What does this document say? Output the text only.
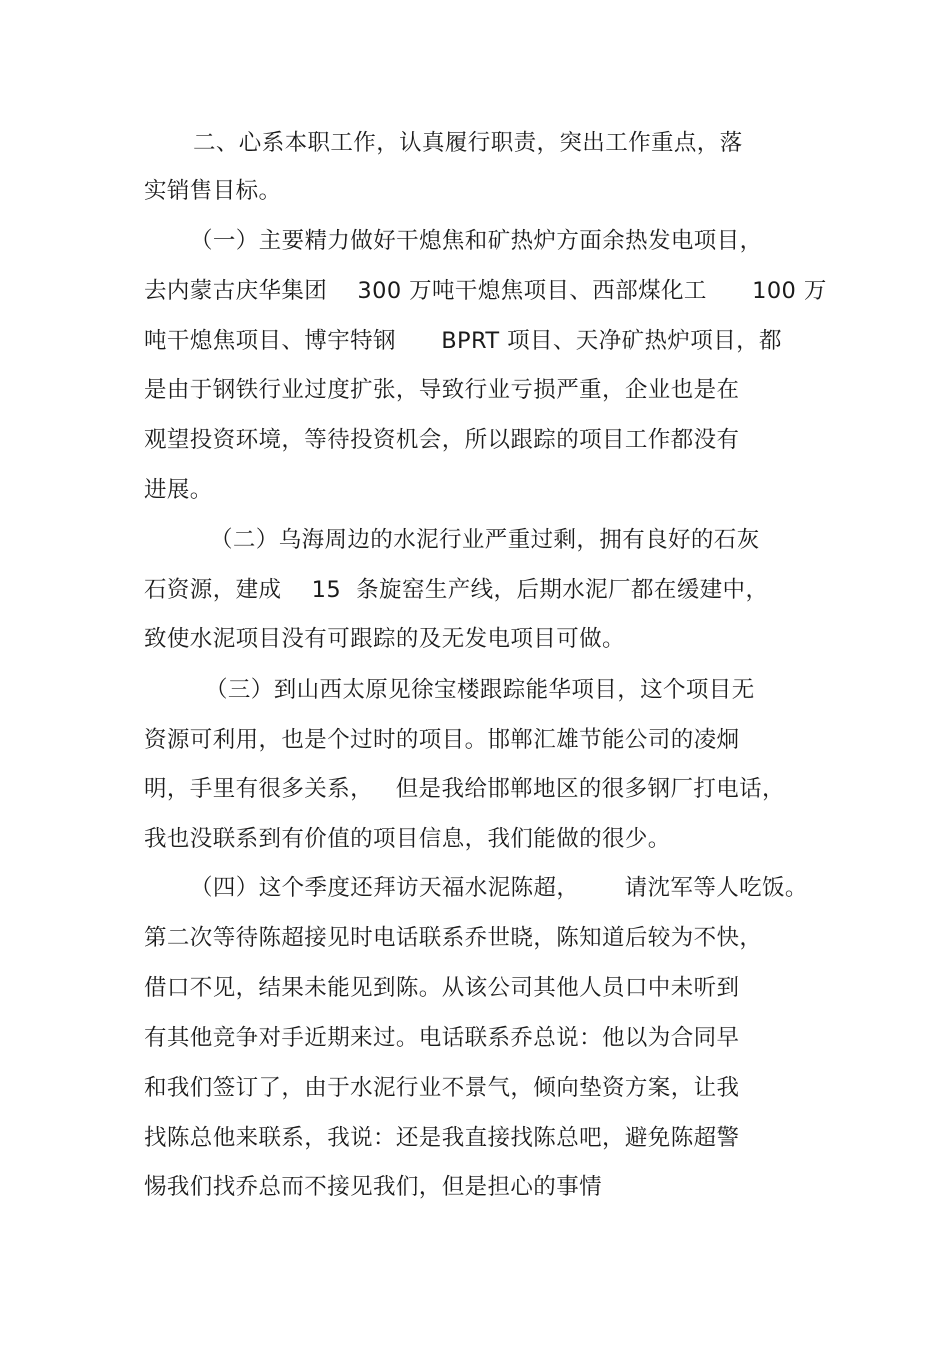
二、心系本职工作，认真履行职责，突出工作重点，落
实销售目标。
（一）主要精力做好干熄焦和矿热炉方面余热发电项目，
去内蒙古庆华集团    300 万吨干熄焦项目、西部煤化工      100 万
吨干熄焦项目、博宇特钢      BPRT 项目、天净矿热炉项目，都
是由于钢铁行业过度扩张，导致行业亏损严重，企业也是在
观望投资环境，等待投资机会，所以跟踪的项目工作都没有
进展。
（二）乌海周边的水泥行业严重过剩，拥有良好的石灰
石资源，建成    15  条旋窑生产线，后期水泥厂都在缓建中，
致使水泥项目没有可跟踪的及无发电项目可做。
（三）到山西太原见徐宝楼跟踪能华项目，这个项目无
资源可利用，也是个过时的项目。邯郸汇雄节能公司的凌炯
明，手里有很多关系，   但是我给邯郸地区的很多钢厂打电话，
我也没联系到有价值的项目信息，我们能做的很少。
（四）这个季度还拜访天福水泥陈超，      请沈军等人吃饭。
第二次等待陈超接见时电话联系乔世晓，陈知道后较为不快，
借口不见，结果未能见到陈。从该公司其他人员口中未听到
有其他竞争对手近期来过。电话联系乔总说：他以为合同早
和我们签订了，由于水泥行业不景气，倾向垫资方案，让我
找陈总他来联系，我说：还是我直接找陈总吧，避免陈超警
惕我们找乔总而不接见我们，但是担心的事情
